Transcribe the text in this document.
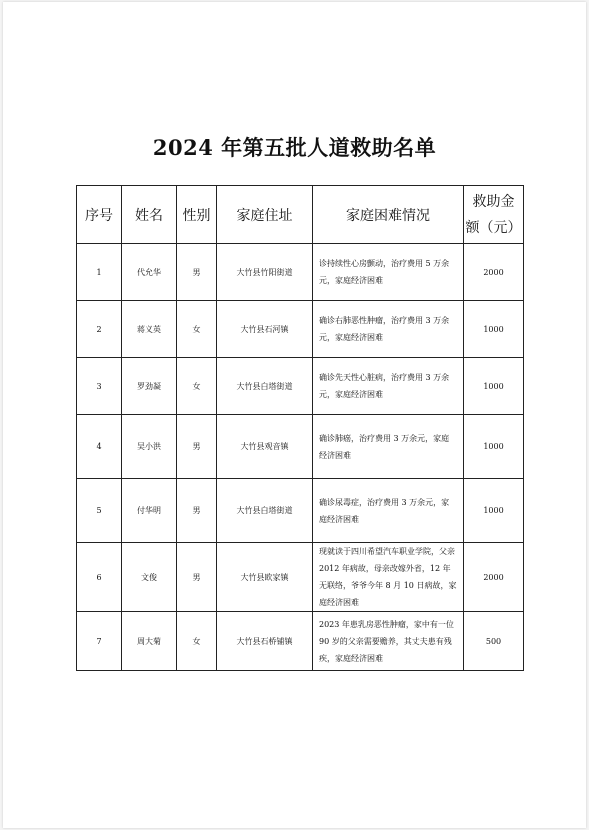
2024 年第五批人道救助名单
序号	姓名	性别	家庭住址	家庭困难情况	救助金
额（元）

1	代允华	男	大竹县竹阳街道	诊持续性心房颤动，治疗费用 5 万余元，家庭经济困难	2000
2	蒋义英	女	大竹县石河镇	确诊右肺恶性肿瘤，治疗费用 3 万余元，家庭经济困难	1000
3	罗劲凝	女	大竹县白塔街道	确诊先天性心脏病，治疗费用 3 万余元，家庭经济困难	1000
4	吴小洪	男	大竹县观音镇	确诊肺癌，治疗费用 3 万余元，家庭经济困难	1000
5	付华明	男	大竹县白塔街道	确诊尿毒症，治疗费用 3 万余元，家庭经济困难	1000
6	文俊	男	大竹县欧家镇	现就读于四川希望汽车职业学院，父亲 2012 年病故，母亲改嫁外省，12 年无联络，爷爷今年 8 月 10 日病故，家庭经济困难	2000
7	周大菊	女	大竹县石桥铺镇	2023 年患乳房恶性肿瘤，家中有一位 90 岁的父亲需要赡养，其丈夫患有残疾，家庭经济困难	500
